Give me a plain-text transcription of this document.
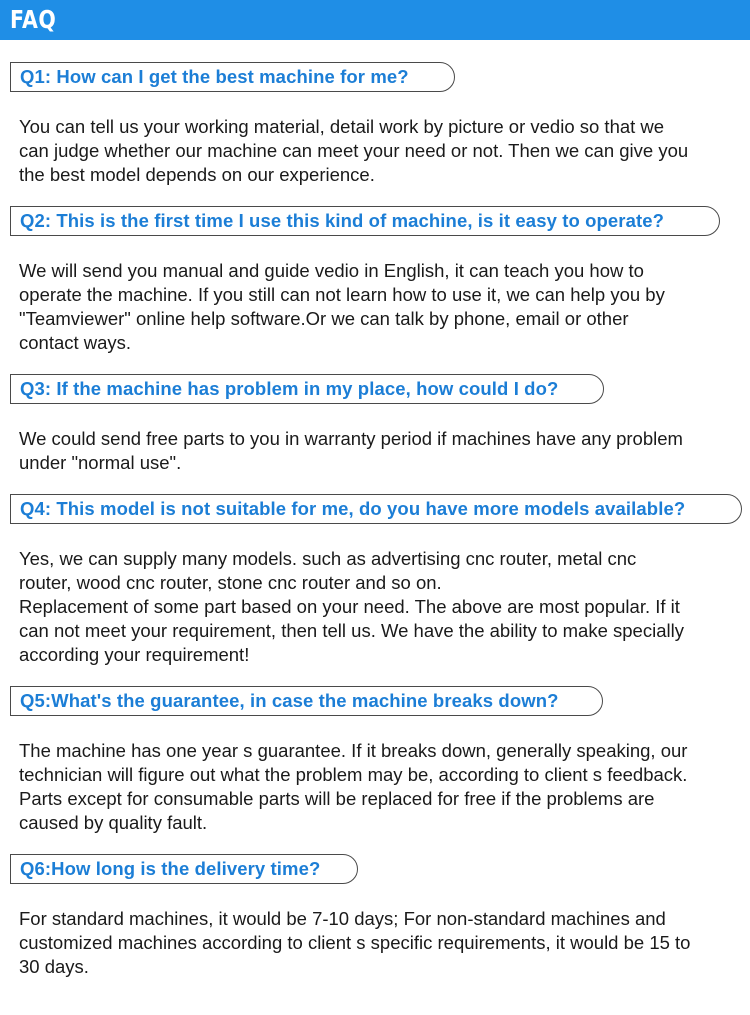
FAQ
Q1: How can I get the best machine for me?
You can tell us your working material, detail work by picture or vedio so that we
can judge whether our machine can meet your need or not. Then we can give you
the best model depends on our experience.
Q2: This is the first time I use this kind of machine, is it easy to operate?
We will send you manual and guide vedio in English, it can teach you how to
operate the machine. If you still can not learn how to use it, we can help you by
"Teamviewer" online help software.Or we can talk by phone, email or other
contact ways.
Q3: If the machine has problem in my place, how could I do?
We could send free parts to you in warranty period if machines have any problem
under "normal use".
Q4: This model is not suitable for me, do you have more models available?
Yes, we can supply many models. such as advertising cnc router, metal cnc
router, wood cnc router, stone cnc router and so on.
Replacement of some part based on your need. The above are most popular. If it
can not meet your requirement, then tell us. We have the ability to make specially
according your requirement!
Q5:What's the guarantee, in case the machine breaks down?
The machine has one year s guarantee. If it breaks down, generally speaking, our
technician will figure out what the problem may be, according to client s feedback.
Parts except for consumable parts will be replaced for free if the problems are
caused by quality fault.
Q6:How long is the delivery time?
For standard machines, it would be 7-10 days; For non-standard machines and
customized machines according to client s specific requirements, it would be 15 to
30 days.
